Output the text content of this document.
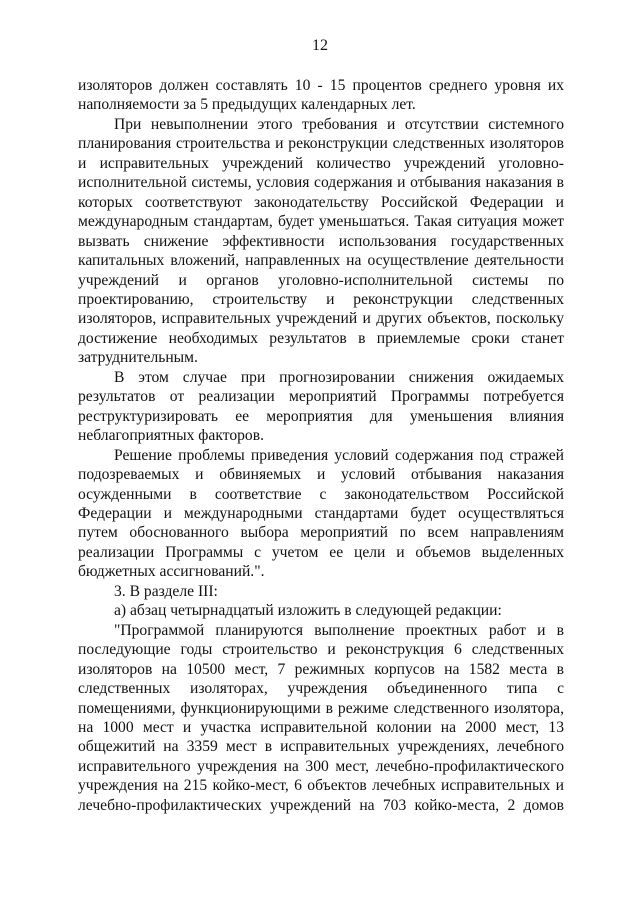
12

изоляторов должен составлять 10 - 15 процентов среднего уровня их наполняемости за 5 предыдущих календарных лет.

При невыполнении этого требования и отсутствии системного планирования строительства и реконструкции следственных изоляторов и исправительных учреждений количество учреждений уголовно-исполнительной системы, условия содержания и отбывания наказания в которых соответствуют законодательству Российской Федерации и международным стандартам, будет уменьшаться. Такая ситуация может вызвать снижение эффективности использования государственных капитальных вложений, направленных на осуществление деятельности учреждений и органов уголовно-исполнительной системы по проектированию, строительству и реконструкции следственных изоляторов, исправительных учреждений и других объектов, поскольку достижение необходимых результатов в приемлемые сроки станет затруднительным.

В этом случае при прогнозировании снижения ожидаемых результатов от реализации мероприятий Программы потребуется реструктуризировать ее мероприятия для уменьшения влияния неблагоприятных факторов.

Решение проблемы приведения условий содержания под стражей подозреваемых и обвиняемых и условий отбывания наказания осужденными в соответствие с законодательством Российской Федерации и международными стандартами будет осуществляться путем обоснованного выбора мероприятий по всем направлениям реализации Программы с учетом ее цели и объемов выделенных бюджетных ассигнований.".

3. В разделе III:

а) абзац четырнадцатый изложить в следующей редакции:

"Программой планируются выполнение проектных работ и в последующие годы строительство и реконструкция 6 следственных изоляторов на 10500 мест, 7 режимных корпусов на 1582 места в следственных изоляторах, учреждения объединенного типа с помещениями, функционирующими в режиме следственного изолятора, на 1000 мест и участка исправительной колонии на 2000 мест, 13 общежитий на 3359 мест в исправительных учреждениях, лечебного исправительного учреждения на 300 мест, лечебно-профилактического учреждения на 215 койко-мест, 6 объектов лечебных исправительных и лечебно-профилактических учреждений на 703 койко-места, 2 домов
